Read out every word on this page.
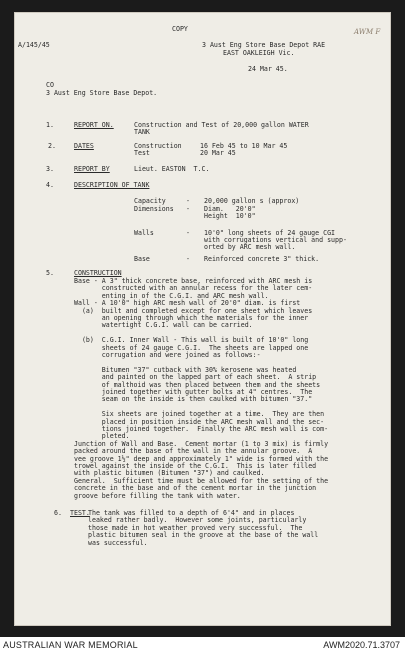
AWM F
COPY
A/145/45	3 Aust Eng Store Base Depot RAE
EAST OAKLEIGH Vic.
24 Mar 45.
CO
3 Aust Eng Store Base Depot.
1.	REPORT ON.	Construction and Test of 20,000 gallon WATER
TANK
2.	DATES	Construction	16 Feb 45 to 10 Mar 45
Test	20 Mar 45
3.	REPORT BY	Lieut. EASTON  T.C.
4.	DESCRIPTION OF TANK
Capacity	- 20,000 gallon s (approx)
Dimensions - Diam.   20'0"
Height  10'0"
Walls	- 10'0" long sheets of 24 gauge CGI
with corrugations vertical and supp-
orted by ARC mesh wall.
Base	- Reinforced concrete 3" thick.
5.	CONSTRUCTION
Base - A 3" thick concrete base, reinforced with ARC mesh is
constructed with an annular recess for the later cem-
enting in of the C.G.I. and ARC mesh wall.
Wall - A 10'0" high ARC mesh wall of 20'0" diam. is first
(a)  built and completed except for one sheet which leaves
an opening through which the materials for the inner
watertight C.G.I. wall can be carried.
(b)  C.G.I. Inner Wall - This wall is built of 10'0" long
sheets of 24 gauge C.G.I.  The sheets are lapped one
corrugation and were joined as follows:-
Bitumen "37" cutback with 30% kerosene was heated
and painted on the lapped part of each sheet.  A strip
of malthoid was then placed between them and the sheets
joined together with gutter bolts at 4" centres.  The
seam on the inside is then caulked with bitumen "37."
Six sheets are joined together at a time.  They are then
placed in position inside the ARC mesh wall and the sec-
tions joined together.  Finally the ARC mesh wall is com-
pleted.
Junction of Wall and Base.  Cement mortar (1 to 3 mix) is firmly
packed around the base of the wall in the annular groove.  A
vee groove 1½" deep and approximately 1" wide is formed with the
trowel against the inside of the C.G.I.  This is later filled
with plastic bitumen (Bitumen "37") and caulked.
General.  Sufficient time must be allowed for the setting of the
concrete in the base and of the cement mortar in the junction
groove before filling the tank with water.
6. TEST.
The tank was filled to a depth of 6'4" and in places
leaked rather badly.  However some joints, particularly
those made in hot weather proved very successful.  The
plastic bitumen seal in the groove at the base of the wall
was successful.
AUSTRALIAN WAR MEMORIAL	AWM2020.71.3707
